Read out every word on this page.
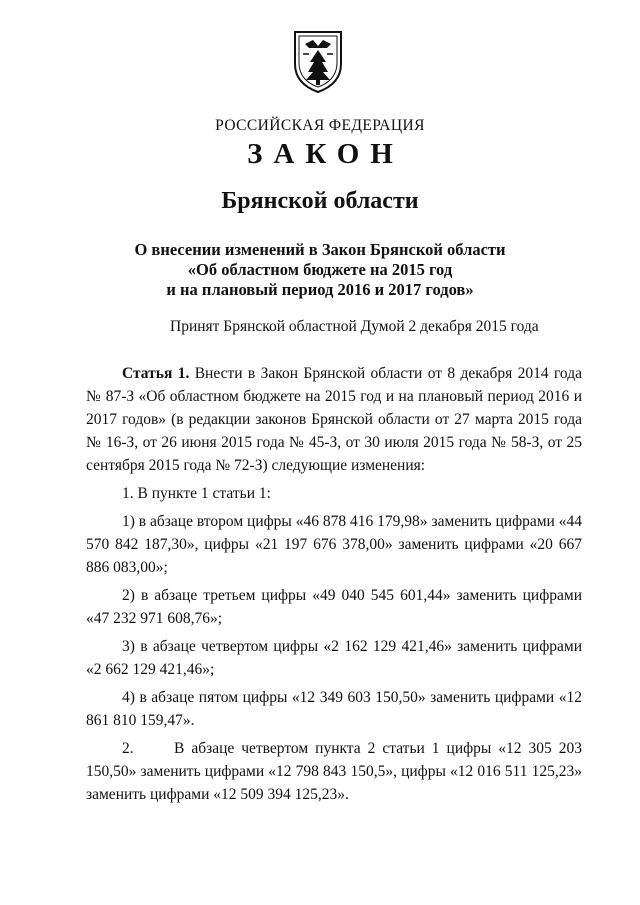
РОССИЙСКАЯ ФЕДЕРАЦИЯ
ЗАКОН
Брянской области
О внесении изменений в Закон Брянской области
«Об областном бюджете на 2015 год
и на плановый период 2016 и 2017 годов»
Принят Брянской областной Думой 2 декабря 2015 года

Статья 1. Внести в Закон Брянской области от 8 декабря 2014 года № 87-З «Об областном бюджете на 2015 год и на плановый период 2016 и 2017 годов» (в редакции законов Брянской области от 27 марта 2015 года № 16-З, от 26 июня 2015 года № 45-З, от 30 июля 2015 года № 58-З, от 25 сентября 2015 года № 72-З) следующие изменения:

1. В пункте 1 статьи 1:

1) в абзаце втором цифры «46 878 416 179,98» заменить цифрами «44 570 842 187,30», цифры «21 197 676 378,00» заменить цифрами «20 667 886 083,00»;

2) в абзаце третьем цифры «49 040 545 601,44» заменить цифрами «47 232 971 608,76»;

3) в абзаце четвертом цифры «2 162 129 421,46» заменить цифрами «2 662 129 421,46»;

4) в абзаце пятом цифры «12 349 603 150,50» заменить цифрами «12 861 810 159,47».

2.	В абзаце четвертом пункта 2 статьи 1 цифры «12 305 203 150,50» заменить цифрами «12 798 843 150,5», цифры «12 016 511 125,23» заменить цифрами «12 509 394 125,23».
